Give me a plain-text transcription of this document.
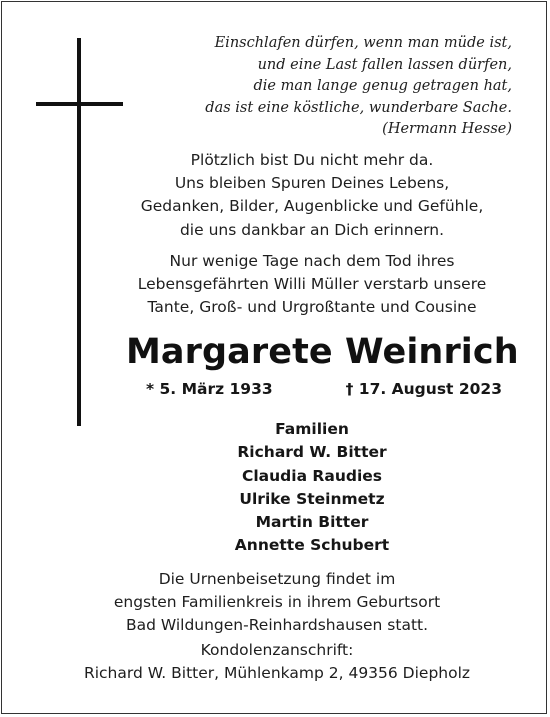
Einschlafen dürfen, wenn man müde ist,
und eine Last fallen lassen dürfen,
die man lange genug getragen hat,
das ist eine köstliche, wunderbare Sache.
(Hermann Hesse)
Plötzlich bist Du nicht mehr da.
Uns bleiben Spuren Deines Lebens,
Gedanken, Bilder, Augenblicke und Gefühle,
die uns dankbar an Dich erinnern.
Nur wenige Tage nach dem Tod ihres
Lebensgefährten Willi Müller verstarb unsere
Tante, Groß- und Urgroßtante und Cousine
Margarete Weinrich
* 5. März 1933	† 17. August 2023
Familien
Richard W. Bitter
Claudia Raudies
Ulrike Steinmetz
Martin Bitter
Annette Schubert
Die Urnenbeisetzung findet im
engsten Familienkreis in ihrem Geburtsort
Bad Wildungen-Reinhardshausen statt.
Kondolenzanschrift:
Richard W. Bitter, Mühlenkamp 2, 49356 Diepholz
